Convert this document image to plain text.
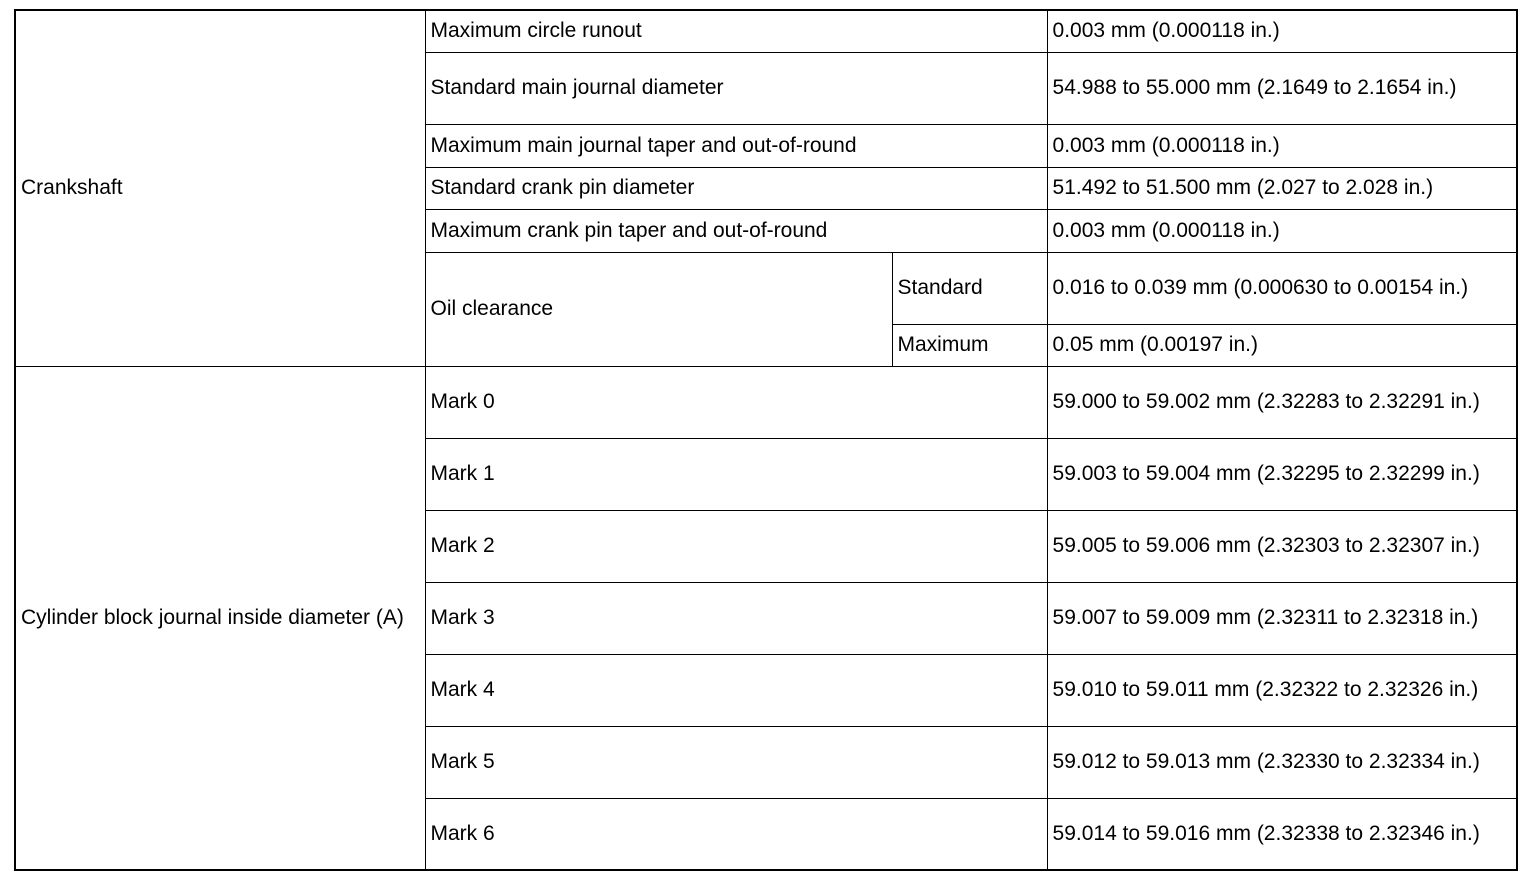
Crankshaft	Maximum circle runout		0.003 mm (0.000118 in.)
	Standard main journal diameter		54.988 to 55.000 mm (2.1649 to 2.1654 in.)
	Maximum main journal taper and out-of-round		0.003 mm (0.000118 in.)
	Standard crank pin diameter		51.492 to 51.500 mm (2.027 to 2.028 in.)
	Maximum crank pin taper and out-of-round		0.003 mm (0.000118 in.)
	Oil clearance	Standard	0.016 to 0.039 mm (0.000630 to 0.00154 in.)
		Maximum	0.05 mm (0.00197 in.)
Cylinder block journal inside diameter (A)	Mark 0		59.000 to 59.002 mm (2.32283 to 2.32291 in.)
	Mark 1		59.003 to 59.004 mm (2.32295 to 2.32299 in.)
	Mark 2		59.005 to 59.006 mm (2.32303 to 2.32307 in.)
	Mark 3		59.007 to 59.009 mm (2.32311 to 2.32318 in.)
	Mark 4		59.010 to 59.011 mm (2.32322 to 2.32326 in.)
	Mark 5		59.012 to 59.013 mm (2.32330 to 2.32334 in.)
	Mark 6		59.014 to 59.016 mm (2.32338 to 2.32346 in.)
